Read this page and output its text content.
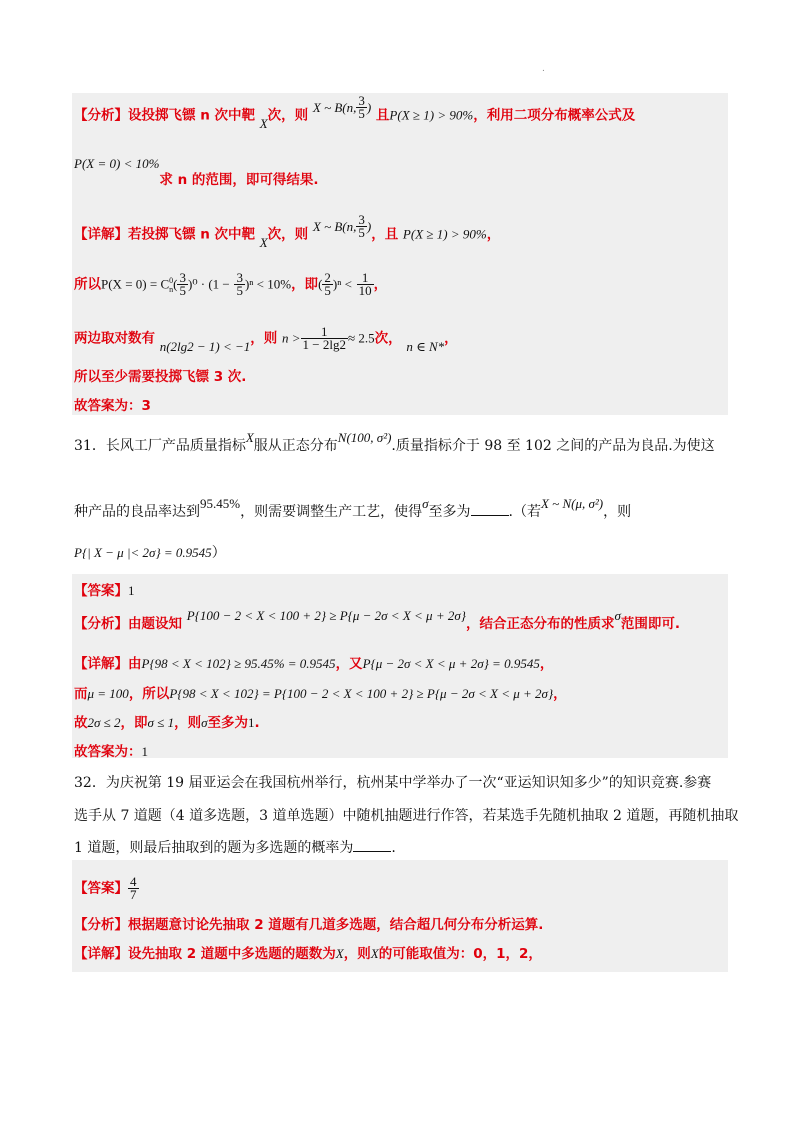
.
【分析】设投掷飞镖 n 次中靶 X次，则 X ~ B(n, $\frac{3}{5}$ ) 且P(X ≥ 1) > 90%，利用二项分布概率公式及
P(X = 0) < 10%求 n 的范围，即可得结果.
【详解】若投掷飞镖 n 次中靶 X次，则 X ~ B(n, $\frac{3}{5}$ )，且 P(X ≥ 1) > 90%，
所以P(X = 0) = C 0
n ( $\frac{3}{5} )^0 \cdot (1 - \frac{3}{5} )^n < 10\%$，即( $\frac{2}{5} )^n < \frac{1}{10}$ ，
两边取对数有 n(2lg2 − 1) < −1，则 $n > \frac{1}{1 - 2\lg 2} \approx 2.5$次， n ∈ N*，
所以至少需要投掷飞镖 3 次.
故答案为：3
31．长风工厂产品质量指标X服从正态分布N(100, σ²).质量指标介于 98 至 102 之间的产品为良品.为使这
种产品的良品率达到95.45%，则需要调整生产工艺，使得σ至多为	.（若X ~ N(μ, σ²)，则
P{| X − μ |< 2σ} = 0.9545）
【答案】1
【分析】由题设知 P{100 − 2 < X < 100 + 2} ≥ P{μ − 2σ < X < μ + 2σ}，结合正态分布的性质求σ范围即可.
【详解】由P{98 < X < 102} ≥ 95.45% = 0.9545，又P{μ − 2σ < X < μ + 2σ} = 0.9545，
而μ = 100，所以P{98 < X < 102} = P{100 − 2 < X < 100 + 2} ≥ P{μ − 2σ < X < μ + 2σ}，
故2σ ≤ 2，即σ ≤ 1，则σ至多为1.
故答案为：1
32．为庆祝第 19 届亚运会在我国杭州举行，杭州某中学举办了一次“亚运知识知多少”的知识竞赛.参赛
选手从 7 道题（4 道多选题，3 道单选题）中随机抽题进行作答，若某选手先随机抽取 2 道题，再随机抽取
1 道题，则最后抽取到的题为多选题的概率为	.
【答案】 $\frac{4}{7}$
【分析】根据题意讨论先抽取 2 道题有几道多选题，结合超几何分布分析运算.
【详解】设先抽取 2 道题中多选题的题数为X，则X的可能取值为：0，1，2，
